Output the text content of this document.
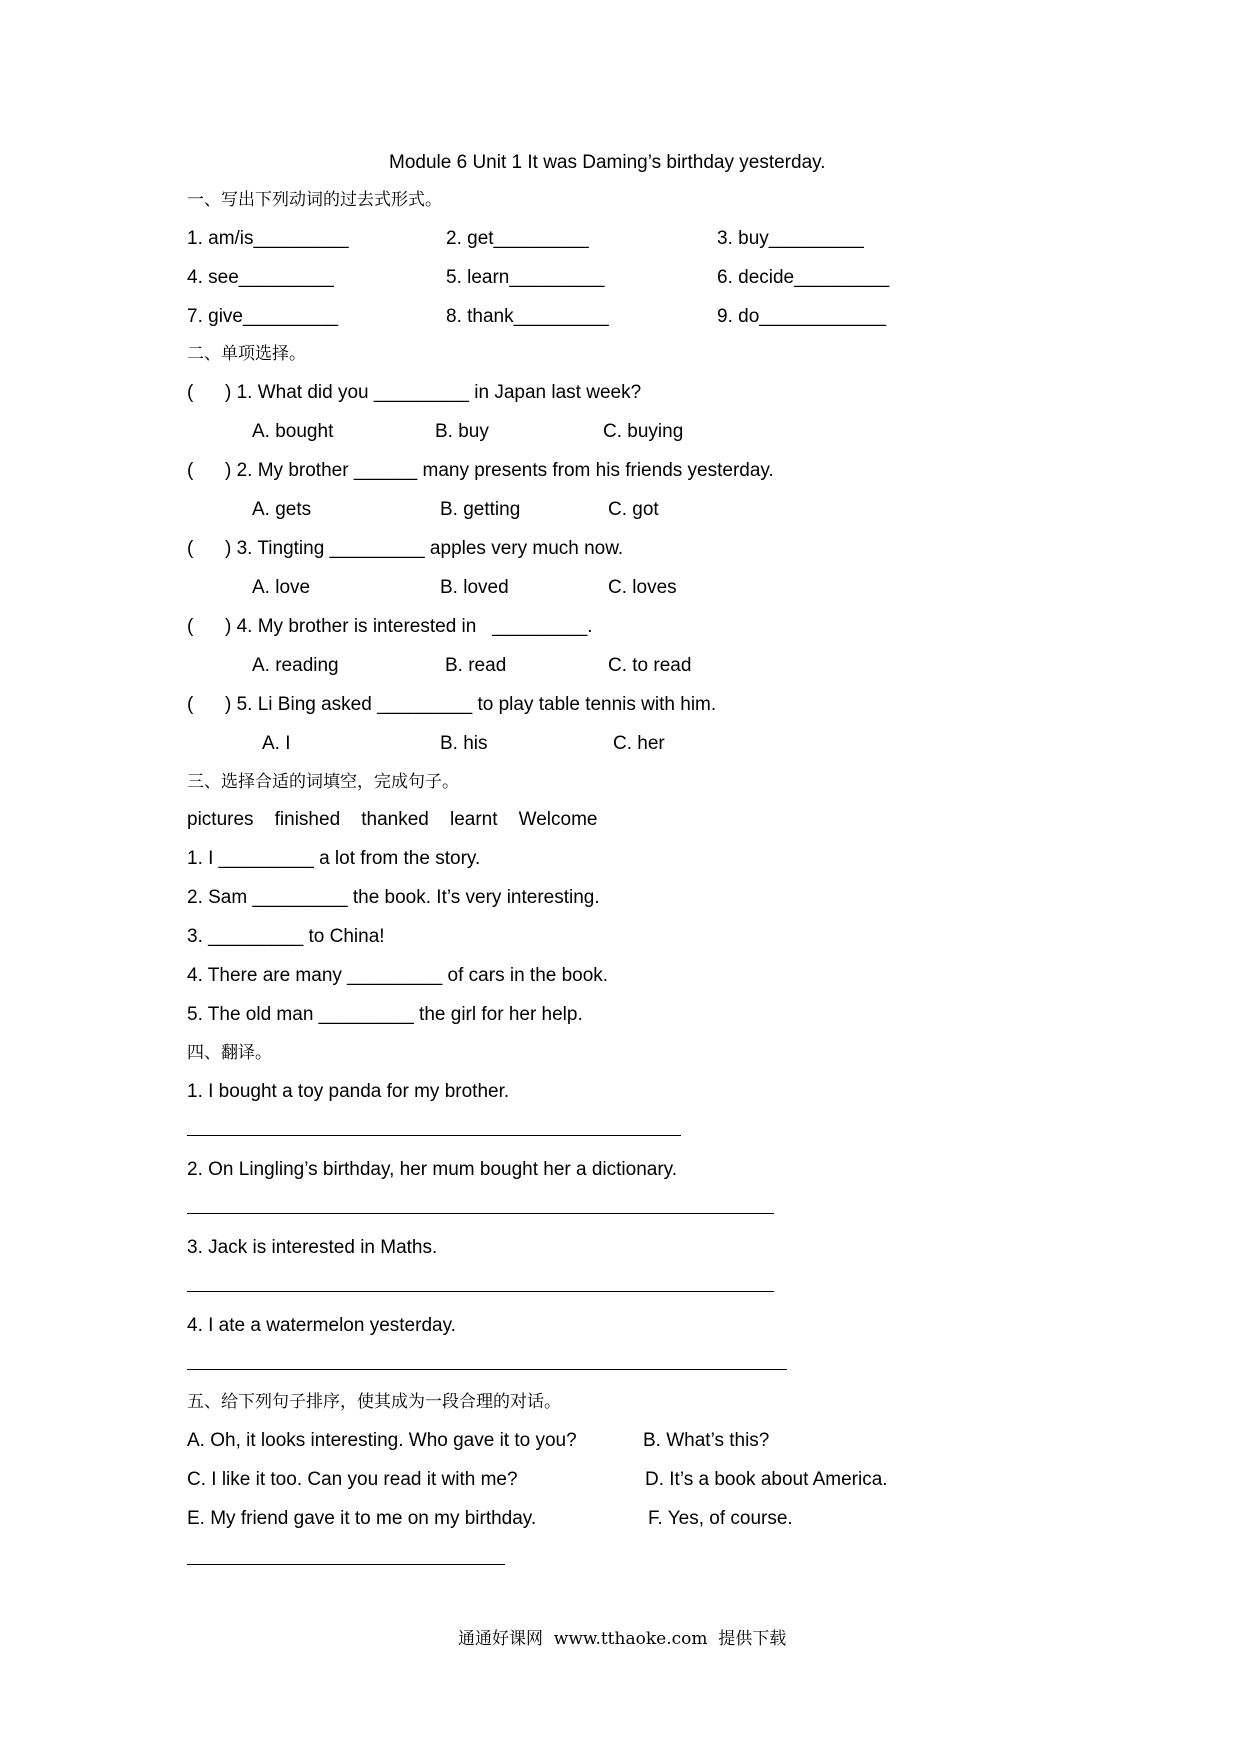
Module 6 Unit 1 It was Daming’s birthday yesterday.
一、写出下列动词的过去式形式。
1. am/is_________	2. get_________	3. buy_________
4. see_________	5. learn_________	6. decide_________
7. give_________	8. thank_________	9. do____________
二、单项选择。
(      ) 1. What did you _________ in Japan last week?
A. bought	B. buy	C. buying
(      ) 2. My brother ______ many presents from his friends yesterday.
A. gets	B. getting	C. got
(      ) 3. Tingting _________ apples very much now.
A. love	B. loved	C. loves
(      ) 4. My brother is interested in   _________.
A. reading	B. read	C. to read
(      ) 5. Li Bing asked _________ to play table tennis with him.
A. I	B. his	C. her
三、选择合适的词填空，完成句子。
pictures    finished    thanked    learnt    Welcome
1. I _________ a lot from the story.
2. Sam _________ the book. It’s very interesting.
3. _________ to China!
4. There are many _________ of cars in the book.
5. The old man _________ the girl for her help.
四、翻译。
1. I bought a toy panda for my brother.
2. On Lingling’s birthday, her mum bought her a dictionary.
3. Jack is interested in Maths.
4. I ate a watermelon yesterday.
五、给下列句子排序，使其成为一段合理的对话。
A. Oh, it looks interesting. Who gave it to you?	B. What’s this?
C. I like it too. Can you read it with me?	D. It’s a book about America.
E. My friend gave it to me on my birthday.	F. Yes, of course.
通通好课网  www.tthaoke.com  提供下载
